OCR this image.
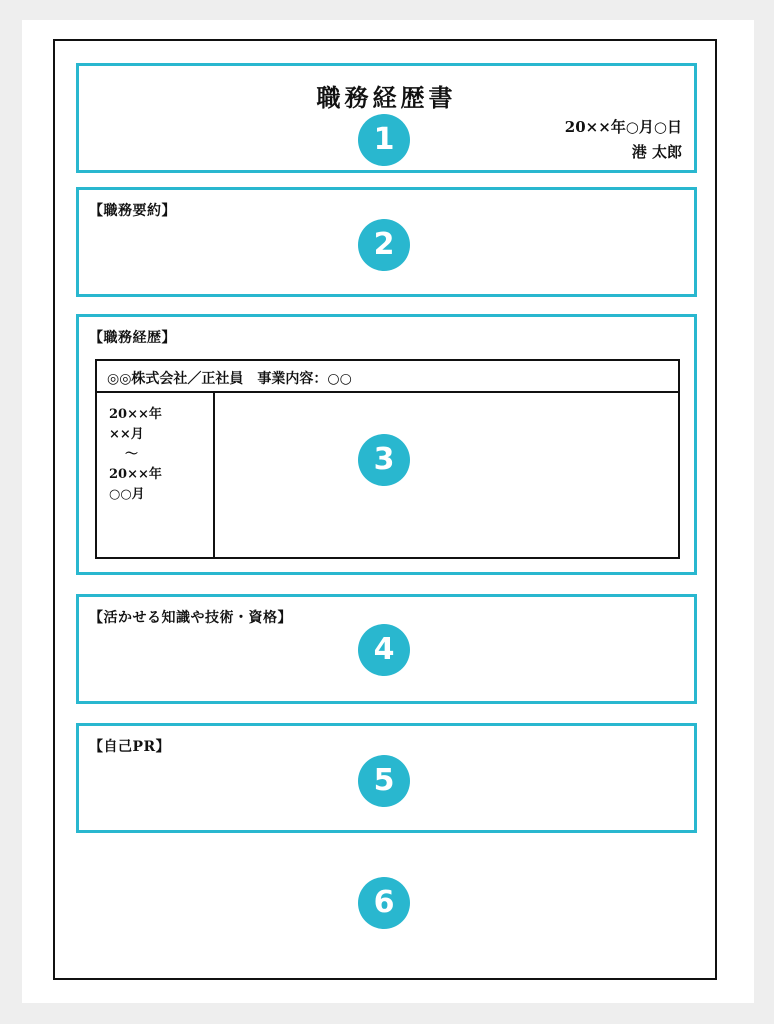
職務経歴書
20××年○月○日
港 太郎
1
【職務要約】
2
【職務経歴】
◎◎株式会社／正社員　事業内容：○○
20××年
××月
〜
20××年
○○月
3
【活かせる知識や技術・資格】
4
【自己PR】
5
6
